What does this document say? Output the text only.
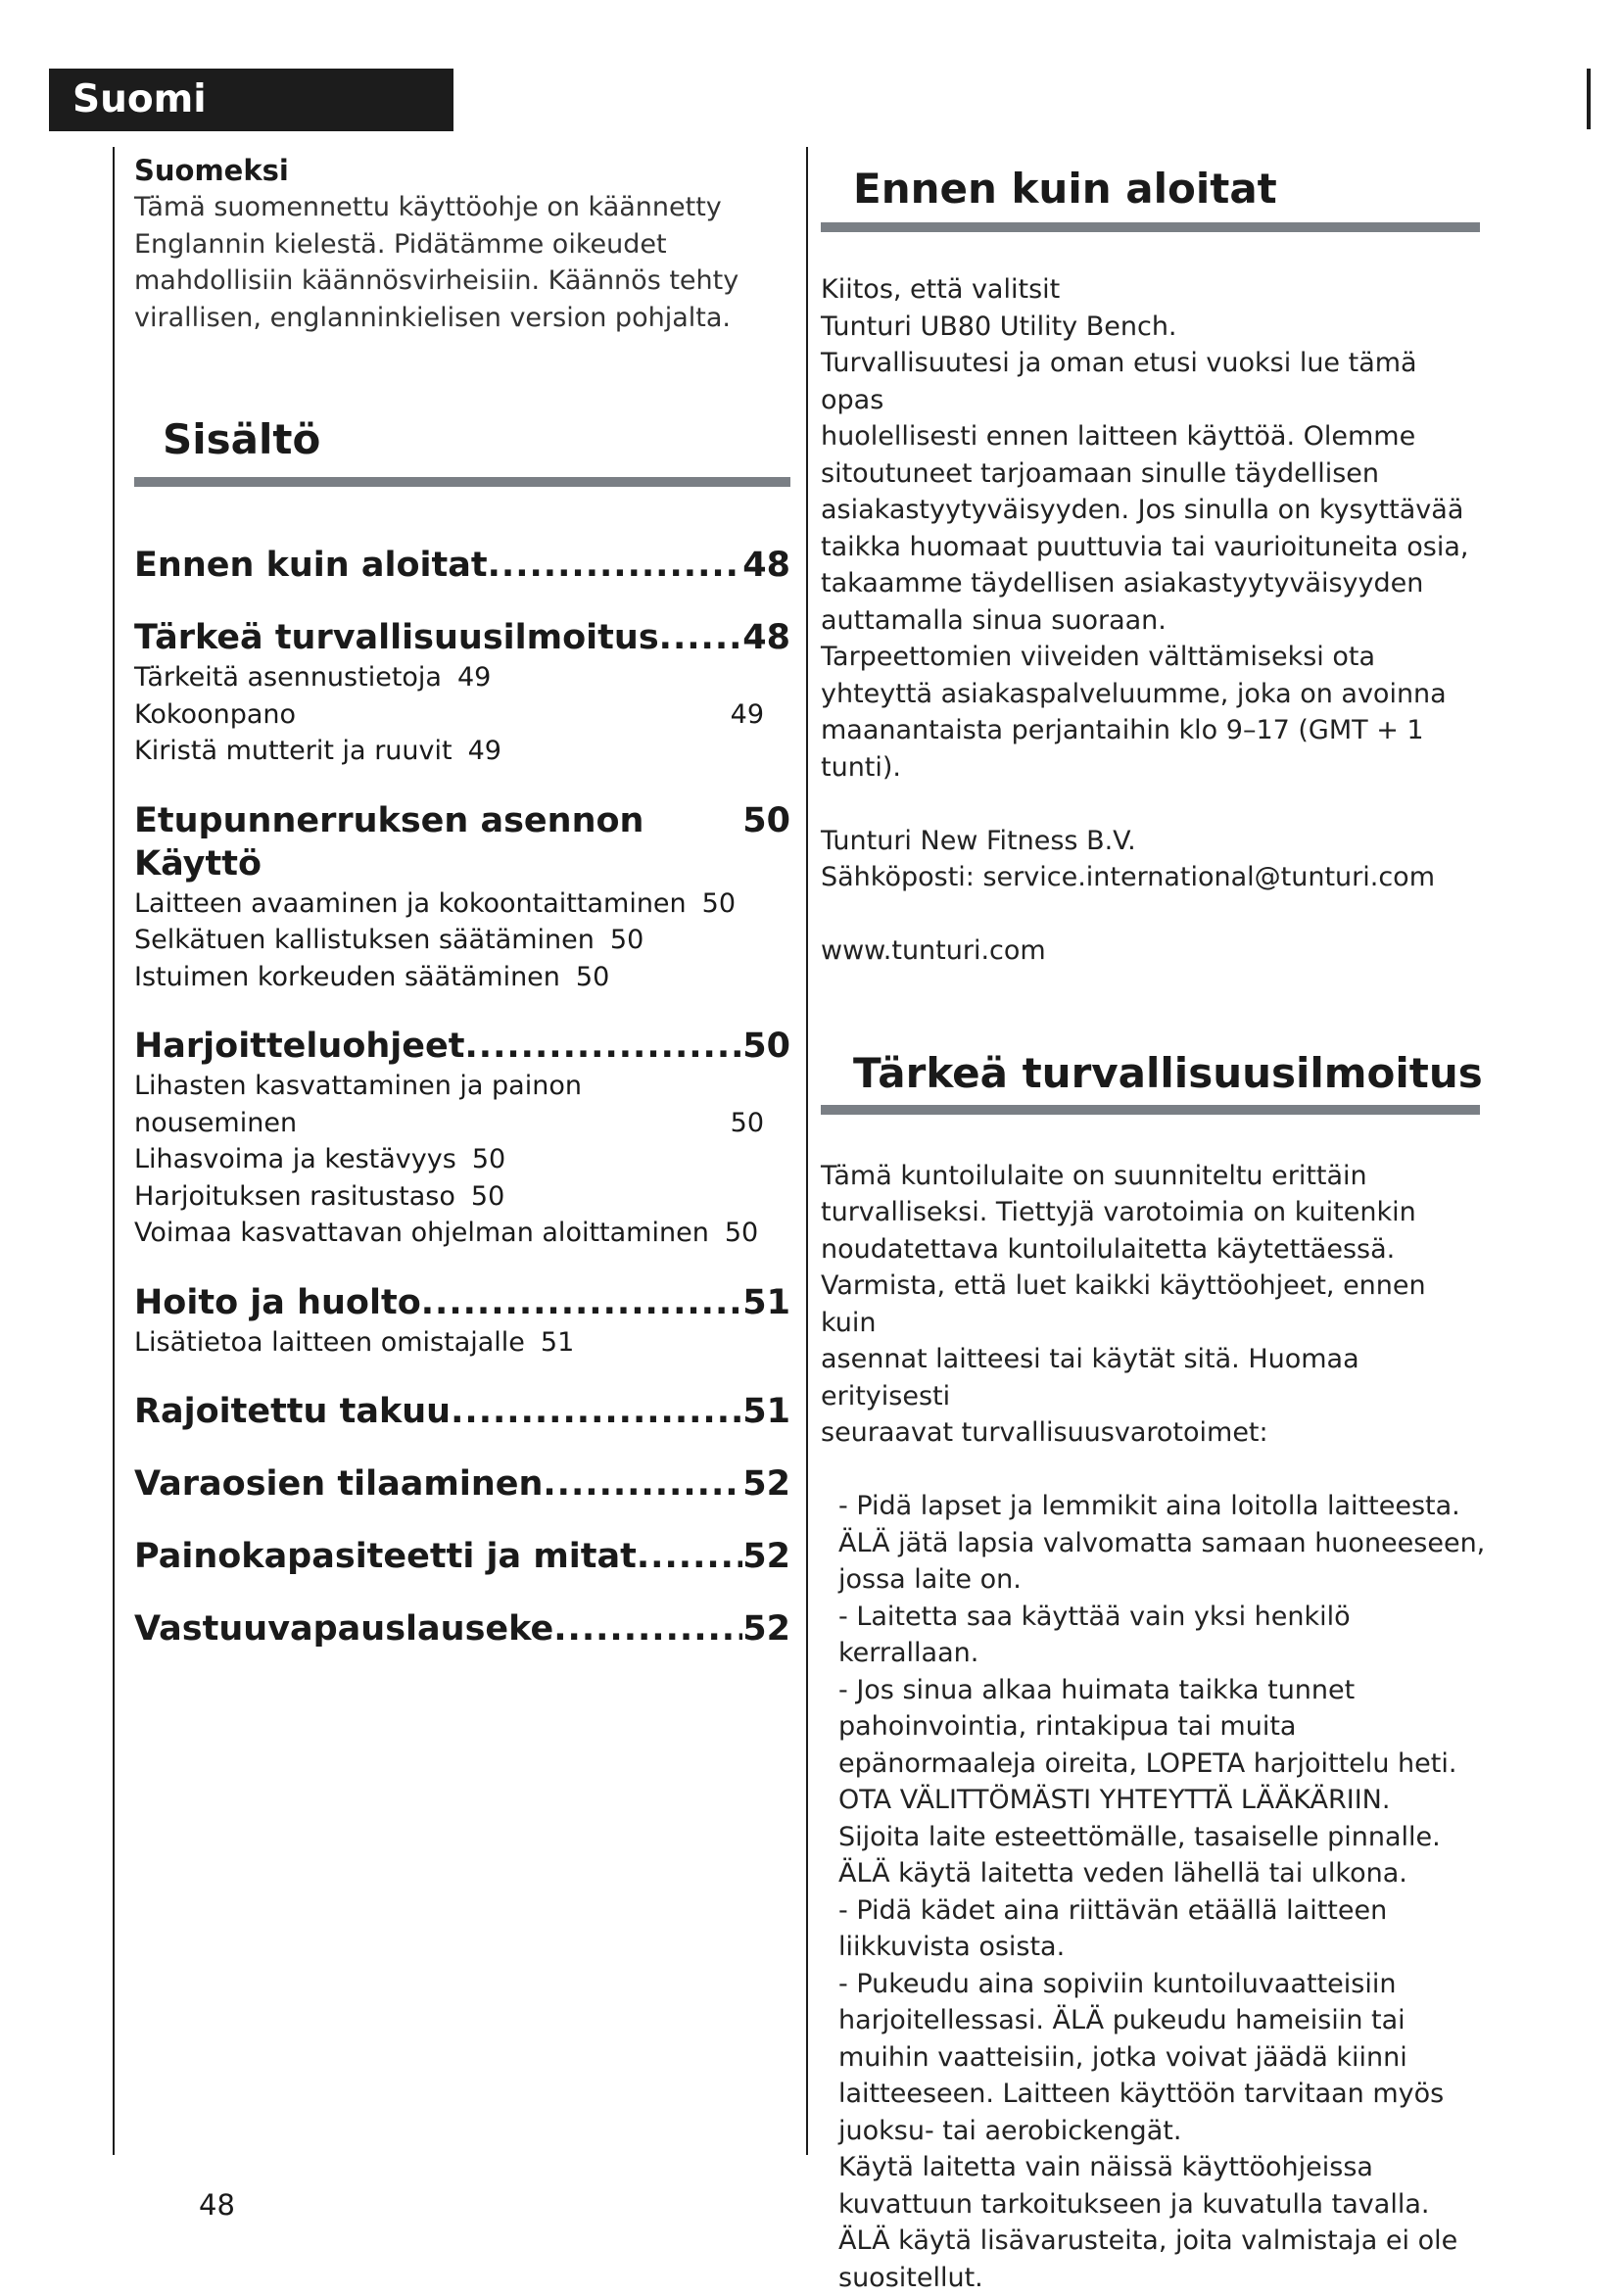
Suomi
Suomeksi
Tämä suomennettu käyttöohje on käännetty
Englannin kielestä. Pidätämme oikeudet
mahdollisiin käännösvirheisiin. Käännös tehty
virallisen, englanninkielisen version pohjalta.
Sisältö
Ennen kuin aloitat .....	48
Tärkeä turvallisuusilmoitus ..... 48
Tärkeitä asennustietoja 49
Kokoonpano	49
Kiristä mutterit ja ruuvit 49
Etupunnerruksen asennon Käyttö
50
Laitteen avaaminen ja kokoontaittaminen 50
Selkätuen kallistuksen säätäminen 50
Istuimen korkeuden säätäminen 50
Harjoitteluohjeet .....	50
Lihasten kasvattaminen ja painon
nouseminen	50
Lihasvoima ja kestävyys 50
Harjoituksen rasitustaso 50
Voimaa kasvattavan ohjelman aloittaminen 50
Hoito ja huolto .....	51
Lisätietoa laitteen omistajalle 51
Rajoitettu takuu .....	51
Varaosien tilaaminen .....	52
Painokapasiteetti ja mitat .....	52
Vastuuvapauslauseke .....	52
Ennen kuin aloitat
Kiitos, että valitsit
Tunturi UB80 Utility Bench.
Turvallisuutesi ja oman etusi vuoksi lue tämä opas
huolellisesti ennen laitteen käyttöä. Olemme
sitoutuneet tarjoamaan sinulle täydellisen
asiakastyytyväisyyden. Jos sinulla on kysyttävää
taikka huomaat puuttuvia tai vaurioituneita osia,
takaamme täydellisen asiakastyytyväisyyden
auttamalla sinua suoraan.
Tarpeettomien viiveiden välttämiseksi ota
yhteyttä asiakaspalveluumme, joka on avoinna
maanantaista perjantaihin klo 9–17 (GMT + 1
tunti).
Tunturi New Fitness B.V.
Sähköposti: service.international@tunturi.com
www.tunturi.com
Tärkeä turvallisuusilmoitus
Tämä kuntoilulaite on suunniteltu erittäin
turvalliseksi. Tiettyjä varotoimia on kuitenkin
noudatettava kuntoilulaitetta käytettäessä.
Varmista, että luet kaikki käyttöohjeet, ennen kuin
asennat laitteesi tai käytät sitä. Huomaa erityisesti
seuraavat turvallisuusvarotoimet:
- Pidä lapset ja lemmikit aina loitolla laitteesta.
ÄLÄ jätä lapsia valvomatta samaan huoneeseen,
jossa laite on.
- Laitetta saa käyttää vain yksi henkilö kerrallaan.
- Jos sinua alkaa huimata taikka tunnet
pahoinvointia, rintakipua tai muita
epänormaaleja oireita, LOPETA harjoittelu heti.
OTA VÄLITTÖMÄSTI YHTEYTTÄ LÄÄKÄRIIN.
Sijoita laite esteettömälle, tasaiselle pinnalle.
ÄLÄ käytä laitetta veden lähellä tai ulkona.
- Pidä kädet aina riittävän etäällä laitteen
liikkuvista osista.
- Pukeudu aina sopiviin kuntoiluvaatteisiin
harjoitellessasi. ÄLÄ pukeudu hameisiin tai
muihin vaatteisiin, jotka voivat jäädä kiinni
laitteeseen. Laitteen käyttöön tarvitaan myös
juoksu- tai aerobickengät.
Käytä laitetta vain näissä käyttöohjeissa
kuvattuun tarkoitukseen ja kuvatulla tavalla.
ÄLÄ käytä lisävarusteita, joita valmistaja ei ole
suositellut.
48
